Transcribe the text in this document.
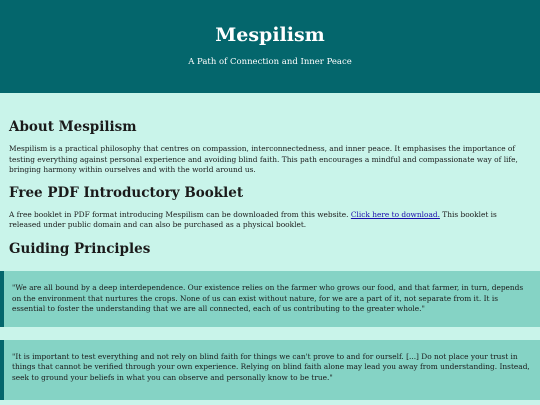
Mespilism

A Path of Connection and Inner Peace

About Mespilism

Mespilism is a practical philosophy that centres on compassion, interconnectedness, and inner peace. It emphasises the importance of testing everything against personal experience and avoiding blind faith. This path encourages a mindful and compassionate way of life, bringing harmony within ourselves and with the world around us.

Free PDF Introductory Booklet

A free booklet in PDF format introducing Mespilism can be downloaded from this website. Click here to download. This booklet is released under public domain and can also be purchased as a physical booklet.

Guiding Principles
"We are all bound by a deep interdependence. Our existence relies on the farmer who grows our food, and that farmer, in turn, depends on the environment that nurtures the crops. None of us can exist without nature, for we are a part of it, not separate from it. It is essential to foster the understanding that we are all connected, each of us contributing to the greater whole."
"It is important to test everything and not rely on blind faith for things we can't prove to and for ourself. [...] Do not place your trust in things that cannot be verified through your own experience. Relying on blind faith alone may lead you away from understanding. Instead, seek to ground your beliefs in what you can observe and personally know to be true."
